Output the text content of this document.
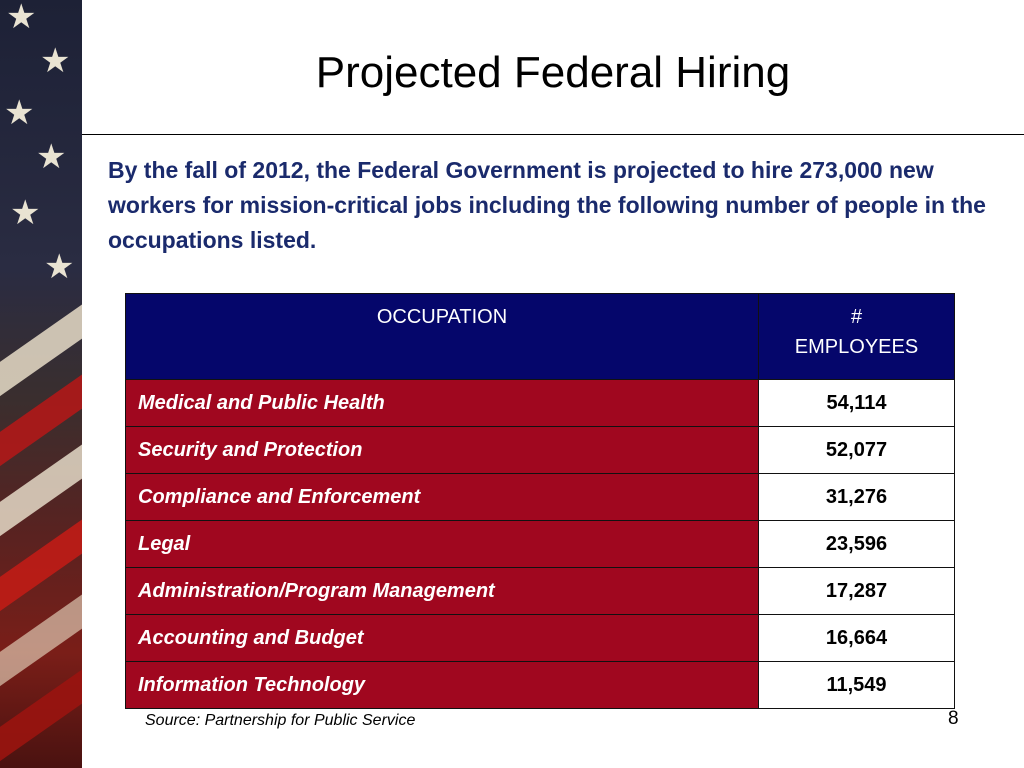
★
★
★
★
★
★
Projected Federal Hiring
By the fall of 2012, the Federal Government is projected to hire 273,000 new workers for mission-critical jobs including the following number of people in the occupations listed.
OCCUPATION	#
EMPLOYEES
Medical and Public Health	54,114
Security and Protection	52,077
Compliance and Enforcement	31,276
Legal	23,596
Administration/Program Management	17,287
Accounting and Budget	16,664
Information Technology	11,549
Source: Partnership for Public Service	8
